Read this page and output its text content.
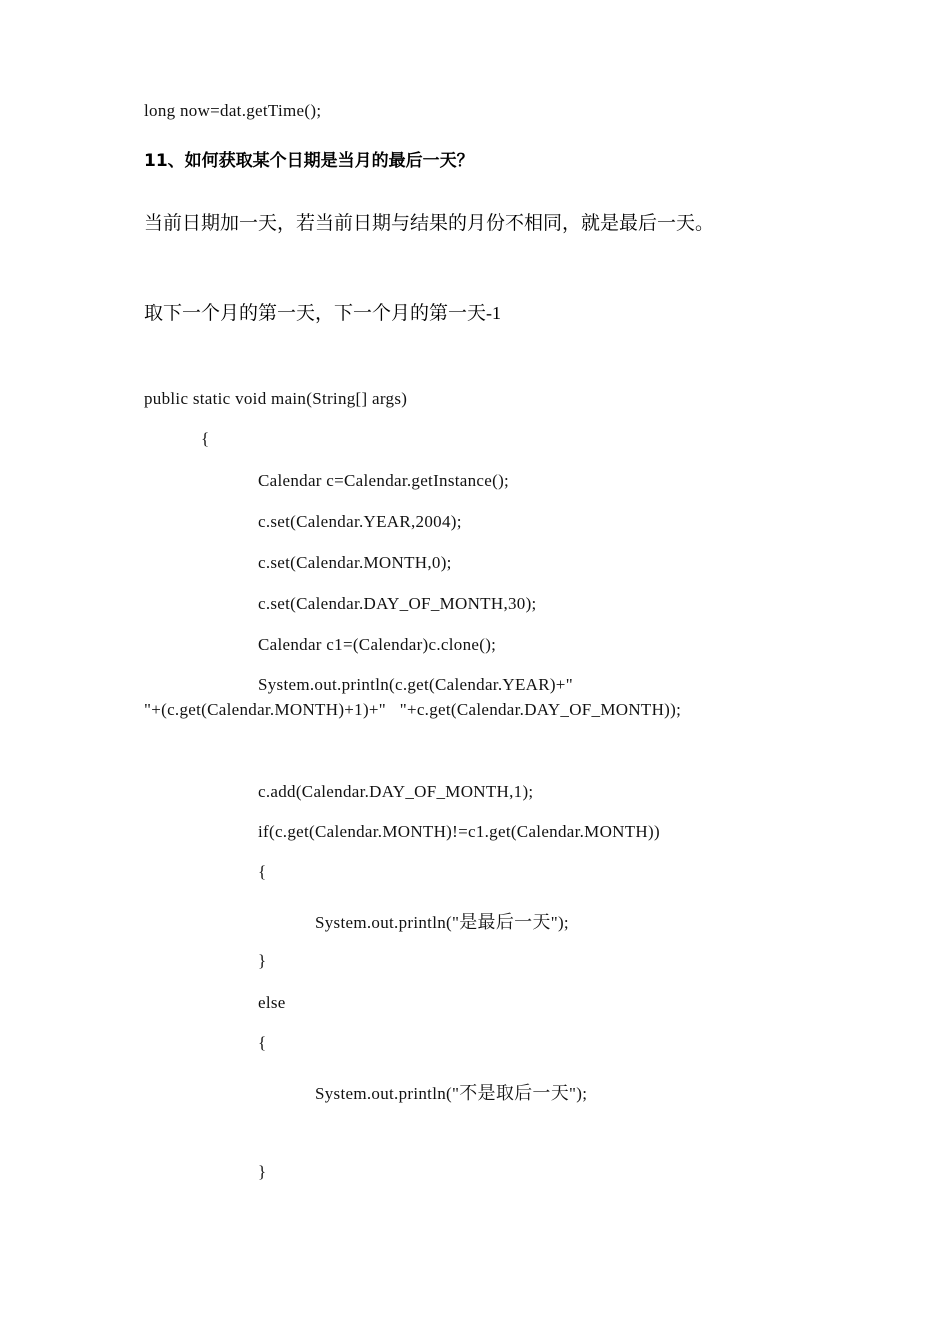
long now=dat.getTime();
11、如何获取某个日期是当月的最后一天？
当前日期加一天，若当前日期与结果的月份不相同，就是最后一天。
取下一个月的第一天，下一个月的第一天-1
public static void main(String[] args)
{
Calendar c=Calendar.getInstance();
c.set(Calendar.YEAR,2004);
c.set(Calendar.MONTH,0);
c.set(Calendar.DAY_OF_MONTH,30);
Calendar c1=(Calendar)c.clone();
System.out.println(c.get(Calendar.YEAR)+"
"+(c.get(Calendar.MONTH)+1)+"   "+c.get(Calendar.DAY_OF_MONTH));
c.add(Calendar.DAY_OF_MONTH,1);
if(c.get(Calendar.MONTH)!=c1.get(Calendar.MONTH))
{
System.out.println("是最后一天");
}
else
{
System.out.println("不是取后一天");
}
